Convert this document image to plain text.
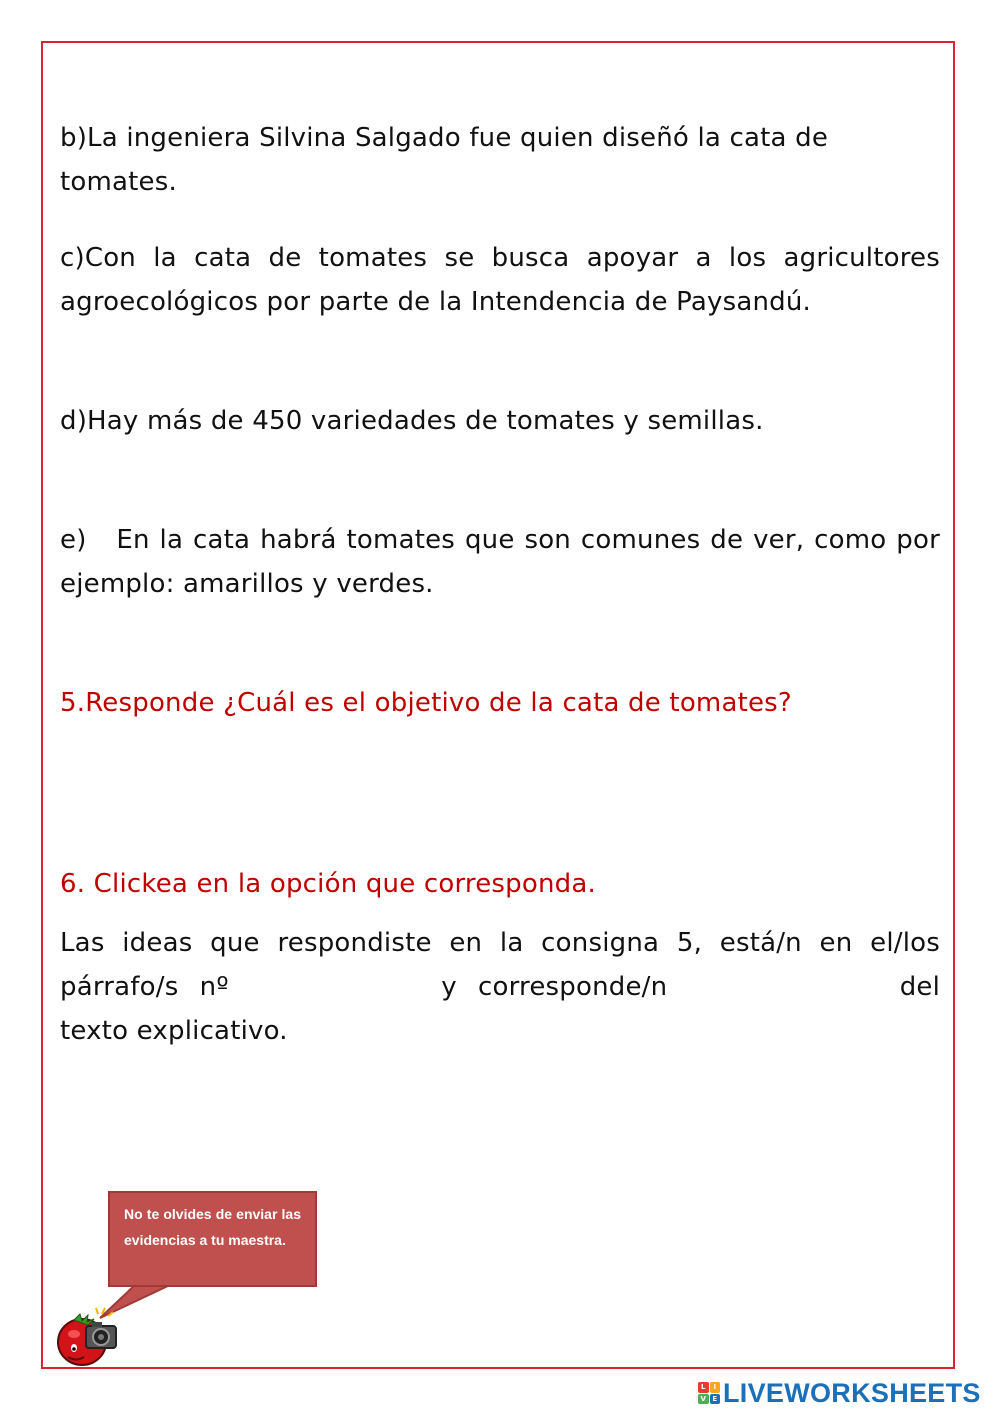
b)La ingeniera Silvina Salgado fue quien diseñó la cata de tomates.

c)Con la cata de tomates se busca apoyar a los agricultores agroecológicos por parte de la Intendencia de Paysandú.

d)Hay más de 450 variedades de tomates y semillas.

e) En la cata habrá tomates que son comunes de ver, como por ejemplo: amarillos y verdes.

5.Responde ¿Cuál es el objetivo de la cata de tomates?

6. Clickea en la opción que corresponda.

Las ideas que respondiste en la consigna 5, está/n en el/los párrafo/s nº	y corresponde/n	del texto explicativo.

No te olvides de enviar las evidencias a tu maestra.
L	I
V E LIVEWORKSHEETS
